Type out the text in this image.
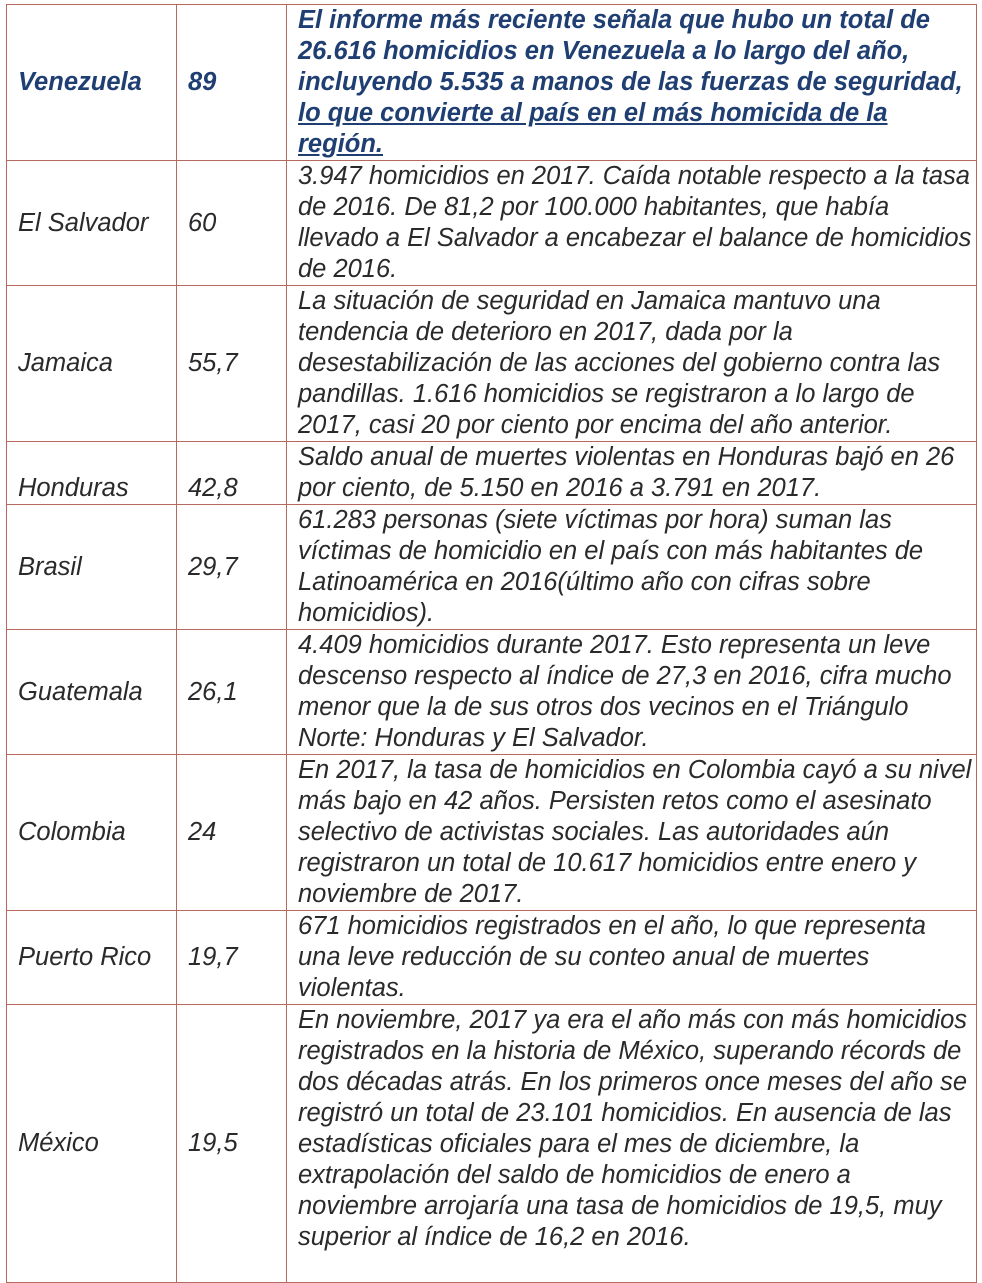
Venezuela	89	El informe más reciente señala que hubo un total de 26.616 homicidios en Venezuela a lo largo del año, incluyendo 5.535 a manos de las fuerzas de seguridad, lo que convierte al país en el más homicida de la región.
El Salvador	60	3.947 homicidios en 2017. Caída notable respecto a la tasa de 2016. De 81,2 por 100.000 habitantes, que había llevado a El Salvador a encabezar el balance de homicidios de 2016.
Jamaica	55,7	La situación de seguridad en Jamaica mantuvo una tendencia de deterioro en 2017, dada por la desestabilización de las acciones del gobierno contra las pandillas. 1.616 homicidios se registraron a lo largo de 2017, casi 20 por ciento por encima del año anterior.
Honduras	42,8	Saldo anual de muertes violentas en Honduras bajó en 26 por ciento, de 5.150 en 2016 a 3.791 en 2017.
Brasil	29,7	61.283 personas (siete víctimas por hora) suman las víctimas de homicidio en el país con más habitantes de Latinoamérica en 2016(último año con cifras sobre homicidios).
Guatemala	26,1	4.409 homicidios durante 2017. Esto representa un leve descenso respecto al índice de 27,3 en 2016, cifra mucho menor que la de sus otros dos vecinos en el Triángulo Norte: Honduras y El Salvador.
Colombia	24	En 2017, la tasa de homicidios en Colombia cayó a su nivel más bajo en 42 años. Persisten retos como el asesinato selectivo de activistas sociales. Las autoridades aún registraron un total de 10.617 homicidios entre enero y noviembre de 2017.
Puerto Rico	19,7	671 homicidios registrados en el año, lo que representa una leve reducción de su conteo anual de muertes violentas.
México	19,5	En noviembre, 2017 ya era el año más con más homicidios registrados en la historia de México, superando récords de dos décadas atrás. En los primeros once meses del año se registró un total de 23.101 homicidios. En ausencia de las estadísticas oficiales para el mes de diciembre, la extrapolación del saldo de homicidios de enero a noviembre arrojaría una tasa de homicidios de 19,5, muy superior al índice de 16,2 en 2016.
